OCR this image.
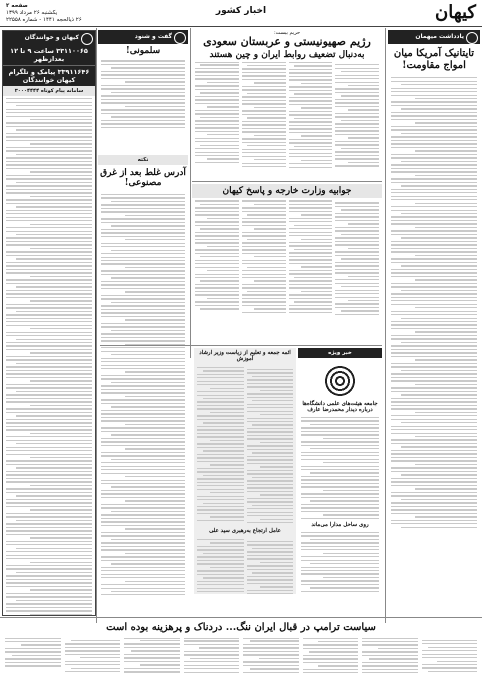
کیهان
اخبار کشور
صفحه ۲
یکشنبه ۲۶ مرداد ۱۳۹۹
۲۶ ذیالحجه ۱۴۴۱ - شماره ۲۲۵۵۸
یادداشت میهمان
تایتانیک آمریکا میان امواج مقاومت!
حریم بیست:
رژیم صهیونیستی و عربستان سعودی
به‌دنبال تضعیف روابط ایران و چین هستند
جوابیه وزارت خارجه و پاسخ کیهان
گفت و شنود
سلمونی!
نکته
آدرس غلط بعد از غرق مصنوعی!
کیهان و خوانندگان
۳۳۱۱۰۰۶۵ ساعت ۹ تا ۱۲ بعدازظهر
۳۳۹۱۱۶۴۶ پیامک و تلگرام کیهان خوانندگان
سامانه پیام کوتاه ۳۰۰۰۴۴۴۴
خبر ویژه
جامعه هیئت‌های علمی دانشگاه‌ها درباره دیدار محمدرضا عارف
روی ساحل مدارا می‌ماند
ائمه جمعه و تعلیم از زیاست وزیر ارشاد آموزش
عامل ارتجاع به‌رهبری سید علی
سیاست ترامپ در قبال ایران ننگ... دردناک و پرهزینه بوده است
